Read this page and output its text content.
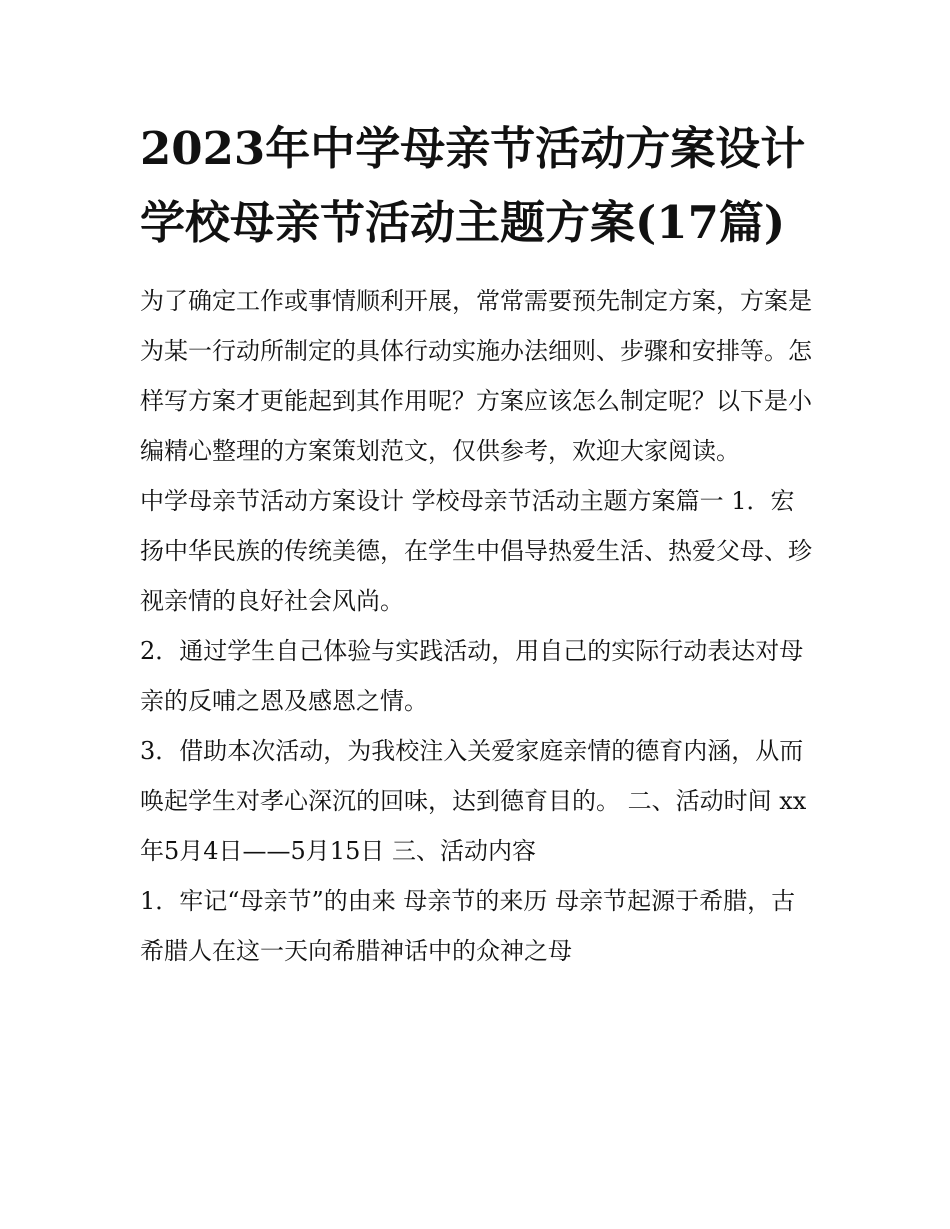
2023年中学母亲节活动方案设计 学校母亲节活动主题方案(17篇)

为了确定工作或事情顺利开展，常常需要预先制定方案，方案是为某一行动所制定的具体行动实施办法细则、步骤和安排等。怎样写方案才更能起到其作用呢？方案应该怎么制定呢？以下是小编精心整理的方案策划范文，仅供参考，欢迎大家阅读。

中学母亲节活动方案设计 学校母亲节活动主题方案篇一 1．宏扬中华民族的传统美德，在学生中倡导热爱生活、热爱父母、珍视亲情的良好社会风尚。

2．通过学生自己体验与实践活动，用自己的实际行动表达对母亲的反哺之恩及感恩之情。

3．借助本次活动，为我校注入关爱家庭亲情的德育内涵，从而唤起学生对孝心深沉的回味，达到德育目的。 二、活动时间 xx年5月4日——5月15日 三、活动内容

1．牢记“母亲节”的由来 母亲节的来历 母亲节起源于希腊，古希腊人在这一天向希腊神话中的众神之母
